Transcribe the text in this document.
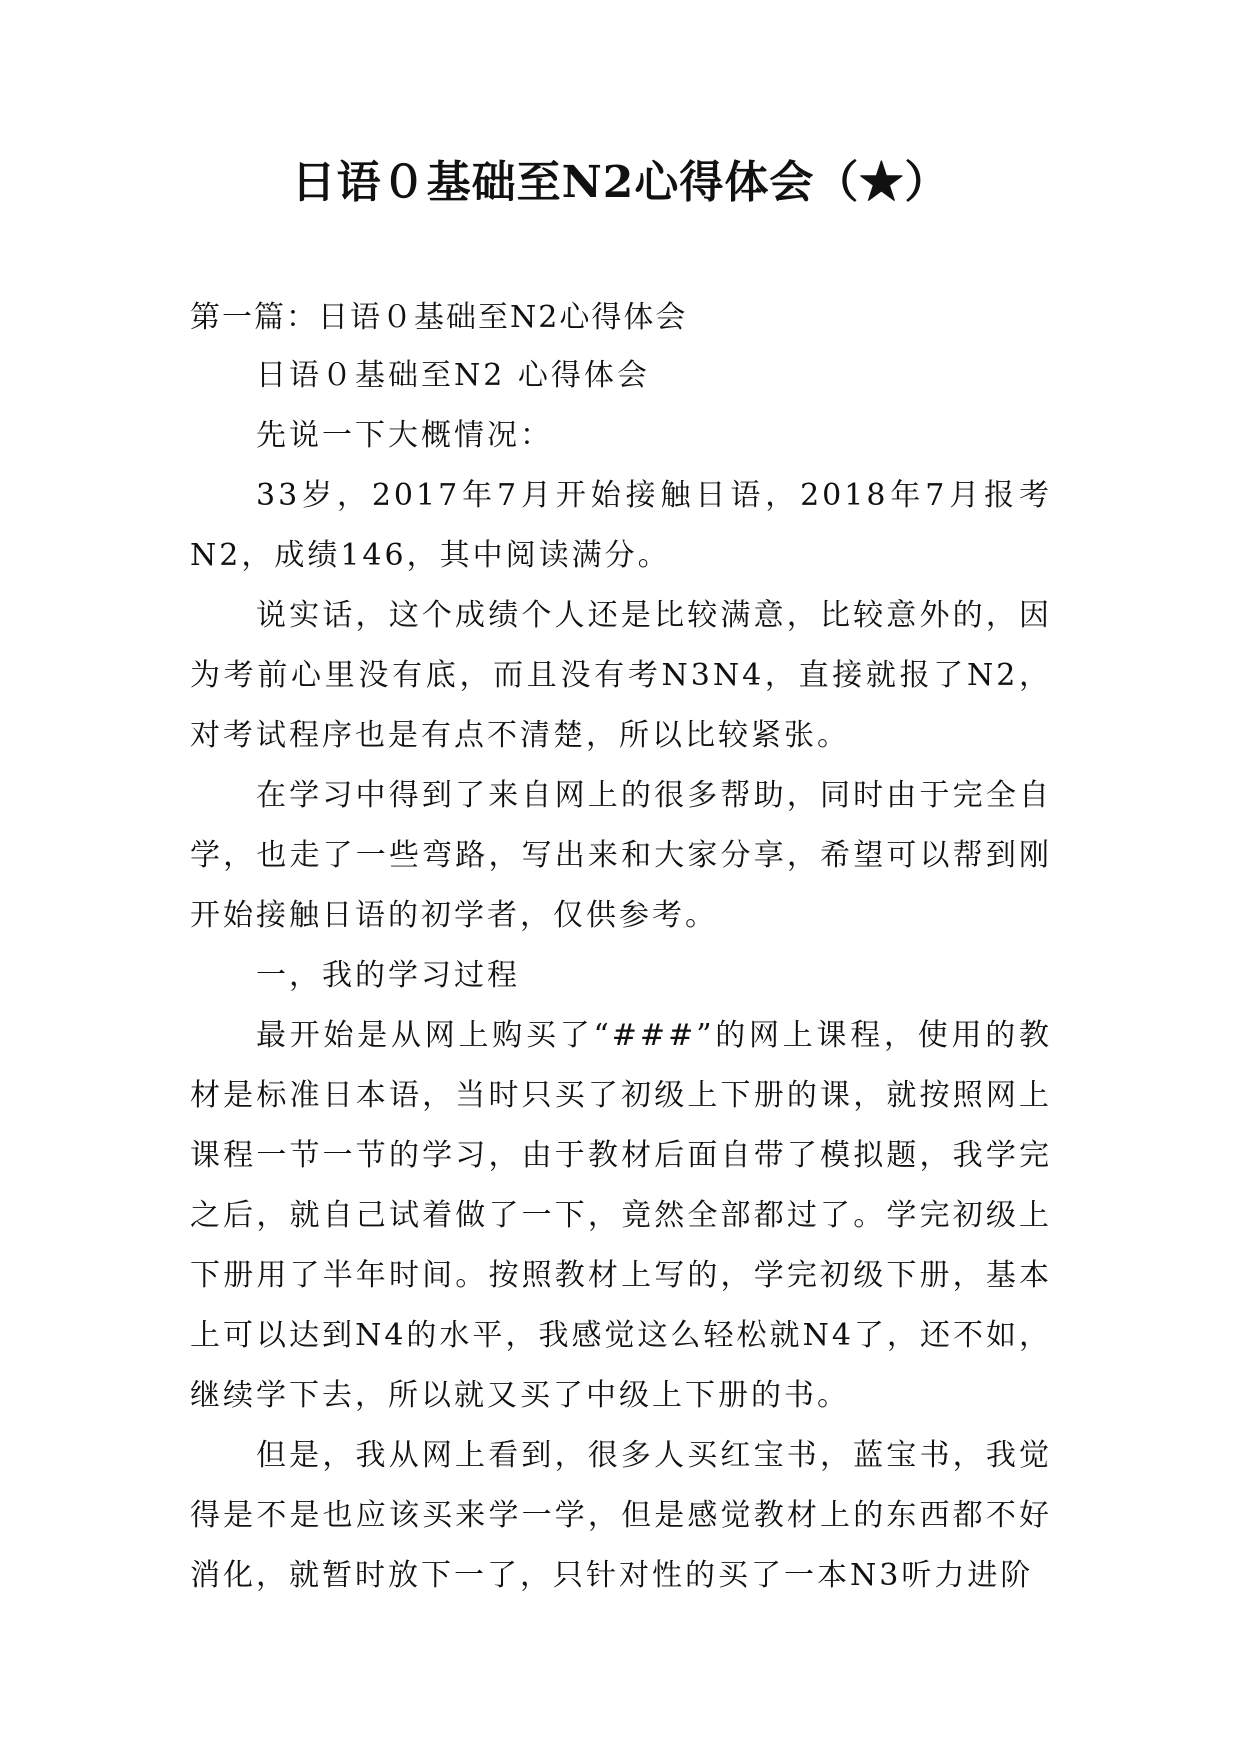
日语０基础至N2心得体会（★）

第一篇：日语０基础至N2心得体会

日语０基础至N2 心得体会

先说一下大概情况：

33岁，2017年7月开始接触日语，2018年7月报考N2，成绩146，其中阅读满分。

说实话，这个成绩个人还是比较满意，比较意外的，因为考前心里没有底，而且没有考N3N4，直接就报了N2，对考试程序也是有点不清楚，所以比较紧张。

在学习中得到了来自网上的很多帮助，同时由于完全自学，也走了一些弯路，写出来和大家分享，希望可以帮到刚开始接触日语的初学者，仅供参考。

一，我的学习过程

最开始是从网上购买了“###”的网上课程，使用的教材是标准日本语，当时只买了初级上下册的课，就按照网上课程一节一节的学习，由于教材后面自带了模拟题，我学完之后，就自己试着做了一下，竟然全部都过了。学完初级上下册用了半年时间。按照教材上写的，学完初级下册，基本上可以达到N4的水平，我感觉这么轻松就N4了，还不如，继续学下去，所以就又买了中级上下册的书。

但是，我从网上看到，很多人买红宝书，蓝宝书，我觉得是不是也应该买来学一学，但是感觉教材上的东西都不好消化，就暂时放下一了，只针对性的买了一本N3听力进阶
